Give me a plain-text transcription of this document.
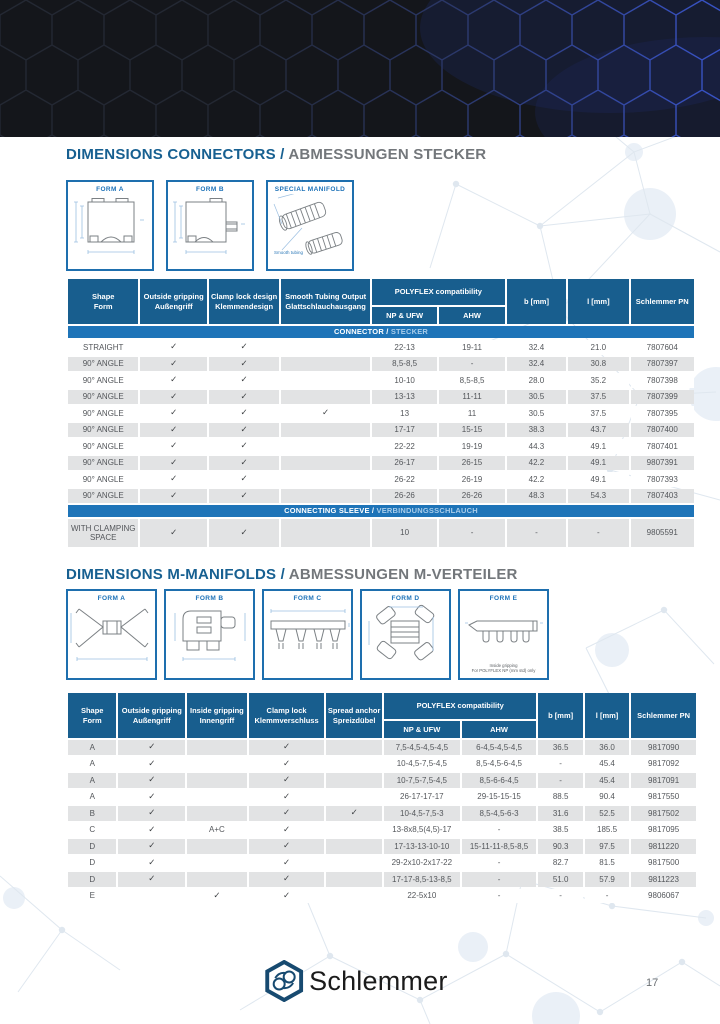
DIMENSIONS CONNECTORS / ABMESSUNGEN STECKER
FORM A	FORM B	SPECIAL MANIFOLD
Smooth tubing
Shape
Form	Outside gripping
Außengriff	Clamp lock design
Klemmendesign	Smooth Tubing Output
Glattschlauchausgang	POLYFLEX compatibility		b [mm]	l [mm]	Schlemmer PN
				NP & UFW	AHW			
CONNECTOR / STECKER								
STRAIGHT	✓	✓		22-13	19-11	32.4	21.0	7807604
90° ANGLE	✓	✓		8,5-8,5	-	32.4	30.8	7807397
90° ANGLE	✓	✓		10-10	8,5-8,5	28.0	35.2	7807398
90° ANGLE	✓	✓		13-13	11-11	30.5	37.5	7807399
90° ANGLE	✓	✓	✓	13	11	30.5	37.5	7807395
90° ANGLE	✓	✓		17-17	15-15	38.3	43.7	7807400
90° ANGLE	✓	✓		22-22	19-19	44.3	49.1	7807401
90° ANGLE	✓	✓		26-17	26-15	42.2	49.1	9807391
90° ANGLE	✓	✓		26-22	26-19	42.2	49.1	7807393
90° ANGLE	✓	✓		26-26	26-26	48.3	54.3	7807403
CONNECTING SLEEVE / VERBINDUNGSSCHLAUCH								
WITH CLAMPING SPACE	✓	✓		10	-	-	-	9805591
DIMENSIONS M-MANIFOLDS / ABMESSUNGEN M-VERTEILER
FORM A	FORM B	FORM C	FORM D	FORM E
Inside gripping
For POLYFLEX NP (mm std) only
Shape
Form	Outside gripping
Außengriff	Inside gripping
Innengriff	Clamp lock
Klemmverschluss	Spread anchor
Spreizdübel	POLYFLEX compatibility		b [mm]	l [mm]	Schlemmer PN
					NP & UFW	AHW			
A	✓		✓		7,5-4,5-4,5-4,5	6-4,5-4,5-4,5	36.5	36.0	9817090
A	✓		✓		10-4,5-7,5-4,5	8,5-4,5-6-4,5	-	45.4	9817092
A	✓		✓		10-7,5-7,5-4,5	8,5-6-6-4,5	-	45.4	9817091
A	✓		✓		26-17-17-17	29-15-15-15	88.5	90.4	9817550
B	✓		✓	✓	10-4,5-7,5-3	8,5-4,5-6-3	31.6	52.5	9817502
C	✓	A+C	✓		13-8x8,5(4,5)-17	-	38.5	185.5	9817095
D	✓		✓		17-13-13-10-10	15-11-11-8,5-8,5	90.3	97.5	9811220
D	✓		✓		29-2x10-2x17-22	-	82.7	81.5	9817500
D	✓		✓		17-17-8,5-13-8,5	-	51.0	57.9	9811223
E		✓	✓		22-5x10	-	-	-	9806067
Schlemmer	17
